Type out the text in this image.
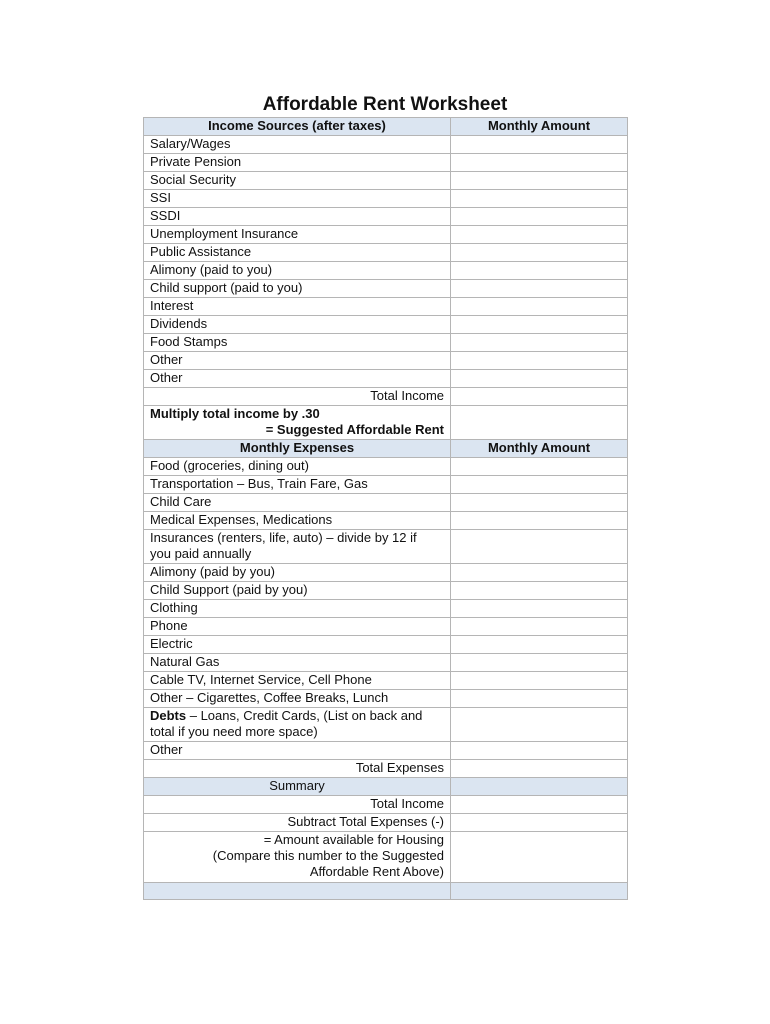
Affordable Rent Worksheet
Income Sources (after taxes)	Monthly Amount
Salary/Wages	
Private Pension	
Social Security	
SSI	
SSDI	
Unemployment Insurance	
Public Assistance	
Alimony (paid to you)	
Child support (paid to you)	
Interest	
Dividends	
Food Stamps	
Other	
Other	
Total Income	

Multiply total income by .30
= Suggested Affordable Rent	

Monthly Expenses	Monthly Amount
Food (groceries, dining out)	
Transportation – Bus, Train Fare, Gas	
Child Care	
Medical Expenses, Medications	

Insurances (renters, life, auto) – divide by 12 if
you paid annually	

Alimony (paid by you)	
Child Support (paid by you)	
Clothing	
Phone	
Electric	
Natural Gas	
Cable TV, Internet Service, Cell Phone	
Other – Cigarettes, Coffee Breaks, Lunch	

Debts – Loans, Credit Cards, (List on back and
total if you need more space)	

Other	
Total Expenses	
Summary	
Total Income	
Subtract Total Expenses (-)	

= Amount available for Housing
(Compare this number to the Suggested
Affordable Rent Above)	
